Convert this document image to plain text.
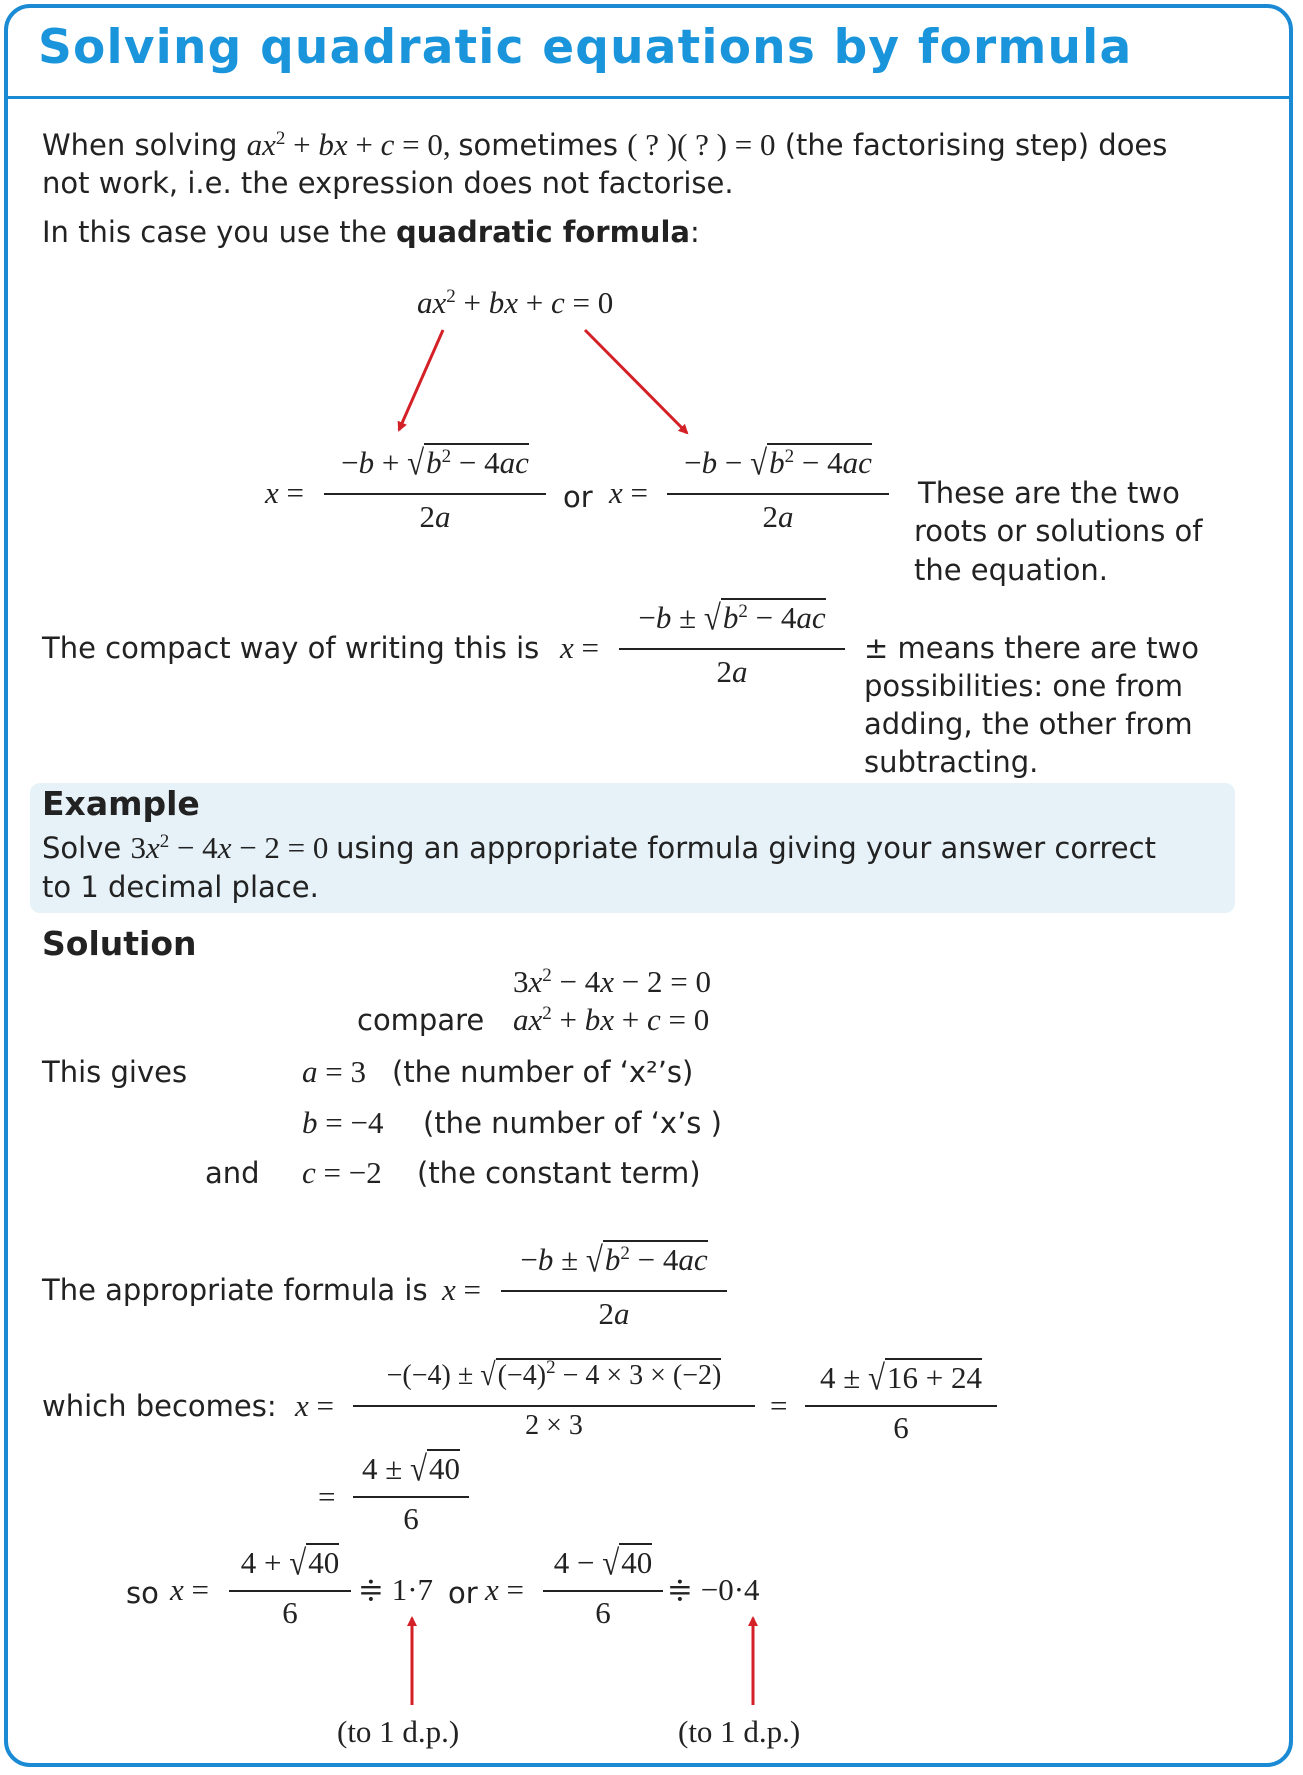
Solving quadratic equations by formula
When solving $ax^2$ + bx + c = 0, sometimes ( ? )( ? ) = 0 (the factorising step) does
not work, i.e. the expression does not factorise.
In this case you use the quadratic formula:
$ax^2$ + bx + c = 0
x =
$-b + √b^2 - 4ac$
2a
or x =
$-b - √b^2 - 4ac$
2a
These are the two
roots or solutions of
the equation.
The compact way of writing this is x =
$-b \pm √b^2 - 4ac$
2a
± means there are two
possibilities: one from
adding, the other from
subtracting.
Example
Solve $3x^2 - 4x - 2 = 0$ using an appropriate formula giving your answer correct
to 1 decimal place.
Solution
$3x^2 - 4x - 2 = 0$
compare $ax^2$ + bx + c = 0
This gives	a = 3 (the number of ‘x²’s)
b = −4 (the number of ‘x’s )
and c = −2 (the constant term)
The appropriate formula is x =
$-b \pm √b^2 - 4ac$
2a
which becomes: x =
$-(-4) \pm √(-4)^2 - 4 \times 3 \times (-2)$
2 × 3
=
4 ± √16 + 24
6
=
4 ± √40
6
so x =
4 + √40
6
≑ 1·7 or x =
4 − √40
6
≑ −0·4
(to 1 d.p.)	(to 1 d.p.)
